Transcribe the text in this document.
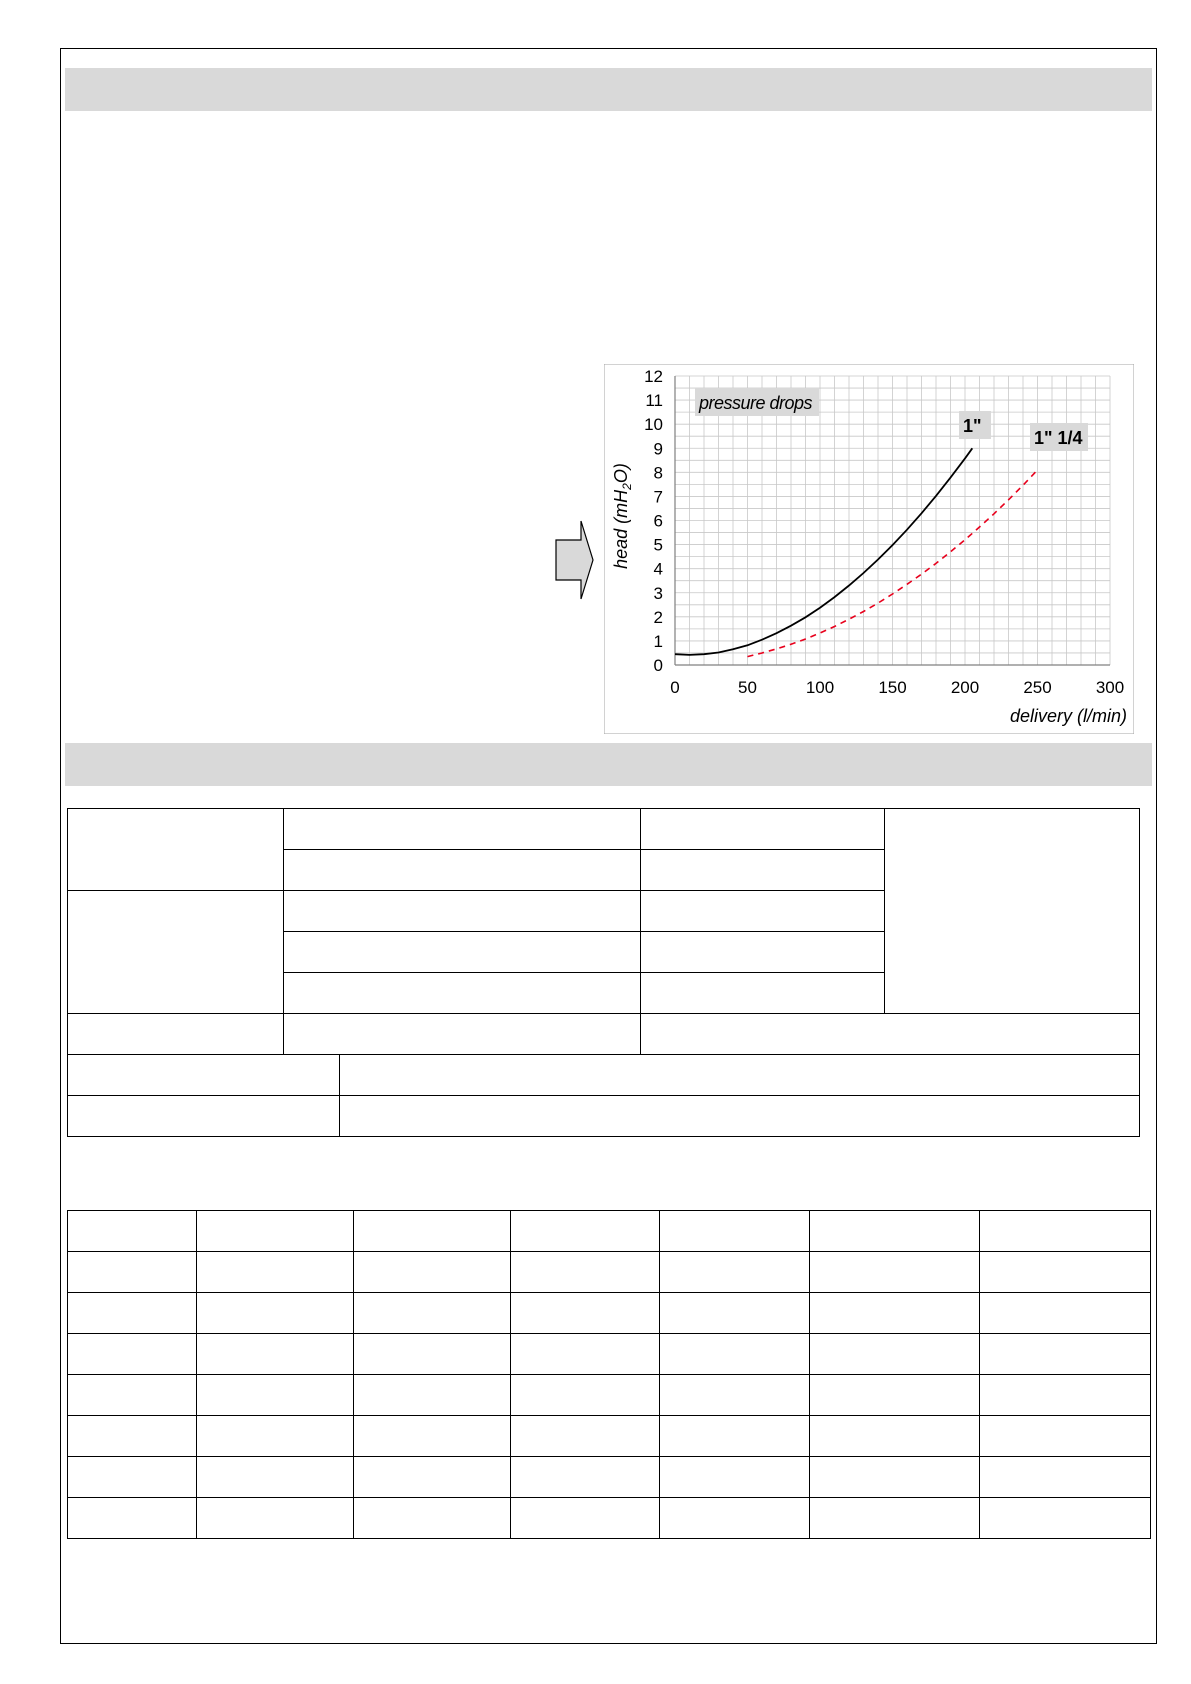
0	50	100	150	200	250	300
0
1
2
3
4
5
6
7
8
9
10
11
12
pressure drops
1"
1" 1/4
delivery (l/min)
head $(mH_2O)$
